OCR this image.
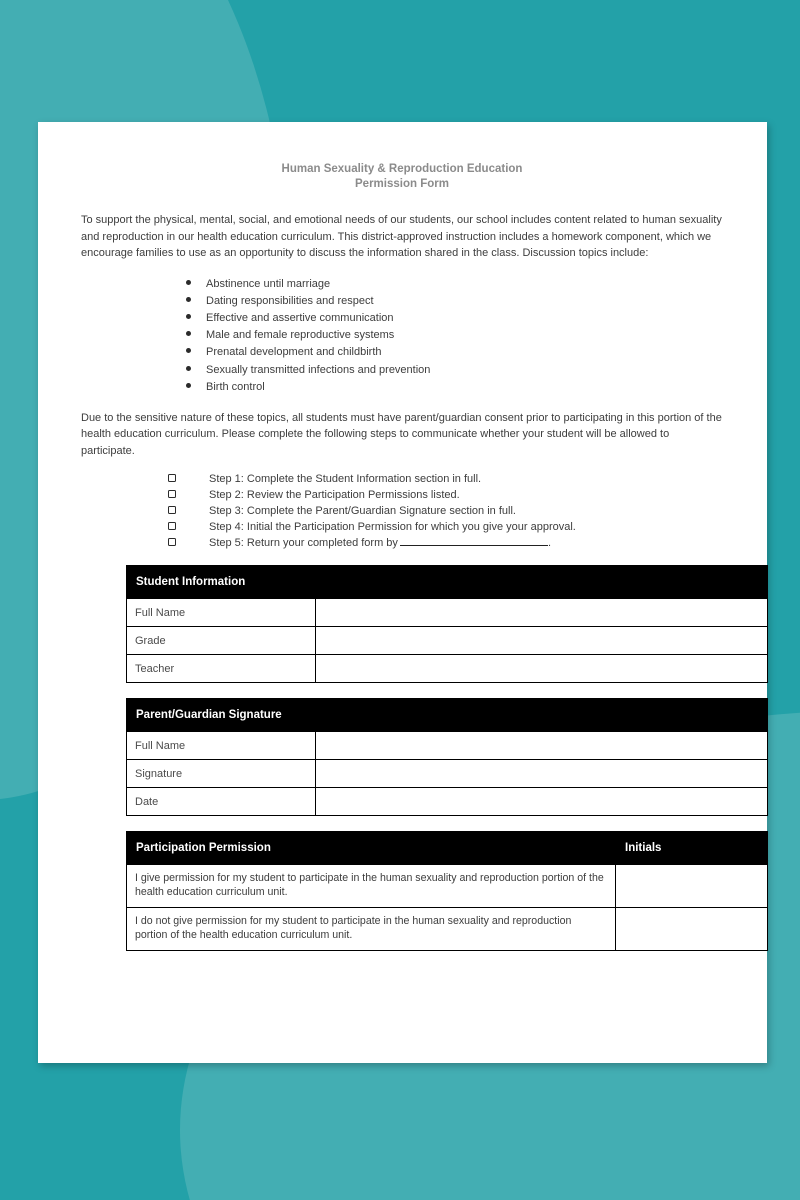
Human Sexuality & Reproduction Education
Permission Form
To support the physical, mental, social, and emotional needs of our students, our school includes content related to human sexuality and reproduction in our health education curriculum. This district-approved instruction includes a homework component, which we encourage families to use as an opportunity to discuss the information shared in the class. Discussion topics include:
Abstinence until marriage
Dating responsibilities and respect
Effective and assertive communication
Male and female reproductive systems
Prenatal development and childbirth
Sexually transmitted infections and prevention
Birth control
Due to the sensitive nature of these topics, all students must have parent/guardian consent prior to participating in this portion of the health education curriculum. Please complete the following steps to communicate whether your student will be allowed to participate.
Step 1: Complete the Student Information section in full.
Step 2: Review the Participation Permissions listed.
Step 3: Complete the Parent/Guardian Signature section in full.
Step 4: Initial the Participation Permission for which you give your approval.
Step 5: Return your completed form by	.
Student Information
Full Name
Grade
Teacher
Parent/Guardian Signature
Full Name
Signature
Date
Participation Permission	Initials
I give permission for my student to participate in the human sexuality and reproduction portion of the health education curriculum unit.
I do not give permission for my student to participate in the human sexuality and reproduction portion of the health education curriculum unit.
